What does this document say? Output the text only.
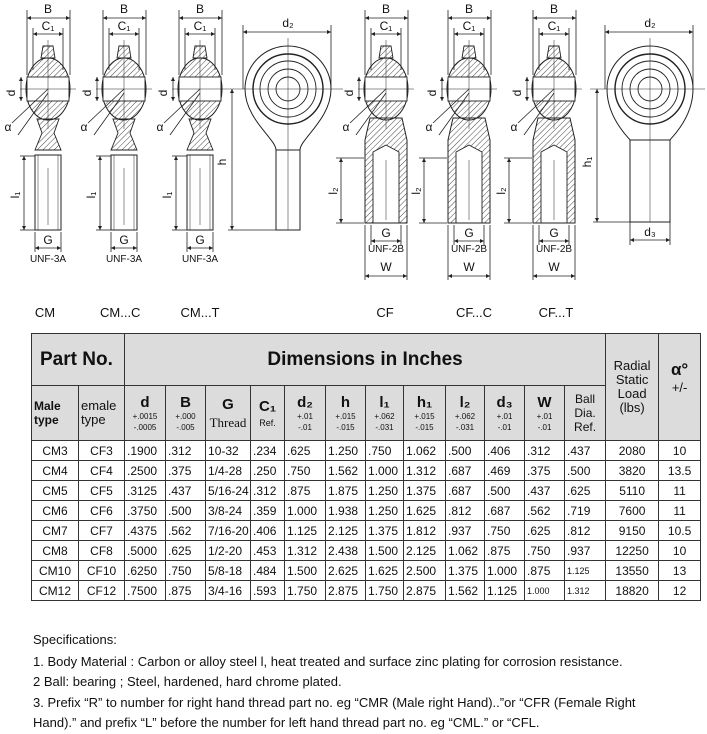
B
C₁
d
α
l₁
G
UNF-3A
B
C₁
d
α
l₁
G
UNF-3A
B
C₁
d
α
l₁
G
UNF-3A
d₂
h
B
C₁
d
α
l₂
G
UNF-2B
W
B
C₁
d
α
l₂
G
UNF-2B
W
B
C₁
d
α
l₂
G
UNF-2B
W
d₂
h₁
d₃
CM	CM...C	CM...T	CF	CF...C	CF...T
Part No.		Dimensions in Inches												Radial Static Load (lbs)	α°
+/-

Male type	emale type	d
+.0015
-.0005	B
+.000
-.005	G
Thread	C₁
Ref.	d₂
+.01
-.01	h
+.015
-.015	l₁
+.062
-.031	h₁
+.015
-.015	l₂
+.062
-.031	d₃
+.01
-.01	W
+.01
-.01	Ball Dia. Ref.		

CM3	CF3	.1900	.312	10-32	.234	.625	1.250	.750	1.062	.500	.406	.312	.437	2080	10
CM4	CF4	.2500	.375	1/4-28	.250	.750	1.562	1.000	1.312	.687	.469	.375	.500	3820	13.5
CM5	CF5	.3125	.437	5/16-24	.312	.875	1.875	1.250	1.375	.687	.500	.437	.625	5110	11
CM6	CF6	.3750	.500	3/8-24	.359	1.000	1.938	1.250	1.625	.812	.687	.562	.719	7600	11
CM7	CF7	.4375	.562	7/16-20	.406	1.125	2.125	1.375	1.812	.937	.750	.625	.812	9150	10.5
CM8	CF8	.5000	.625	1/2-20	.453	1.312	2.438	1.500	2.125	1.062	.875	.750	.937	12250	10
CM10	CF10	.6250	.750	5/8-18	.484	1.500	2.625	1.625	2.500	1.375	1.000	.875	1.125	13550	13
CM12	CF12	.7500	.875	3/4-16	.593	1.750	2.875	1.750	2.875	1.562	1.125	1.000	1.312	18820	12
Specifications:
1. Body Material : Carbon or alloy steel l, heat treated and surface zinc plating for corrosion resistance.
2 Ball: bearing ; Steel, hardened, hard chrome plated.
3. Prefix “R” to number for right hand thread part no. eg “CMR (Male right Hand)..”or “CFR (Female Right
Hand).” and prefix “L” before the number for left hand thread part no. eg “CML.” or “CFL.
